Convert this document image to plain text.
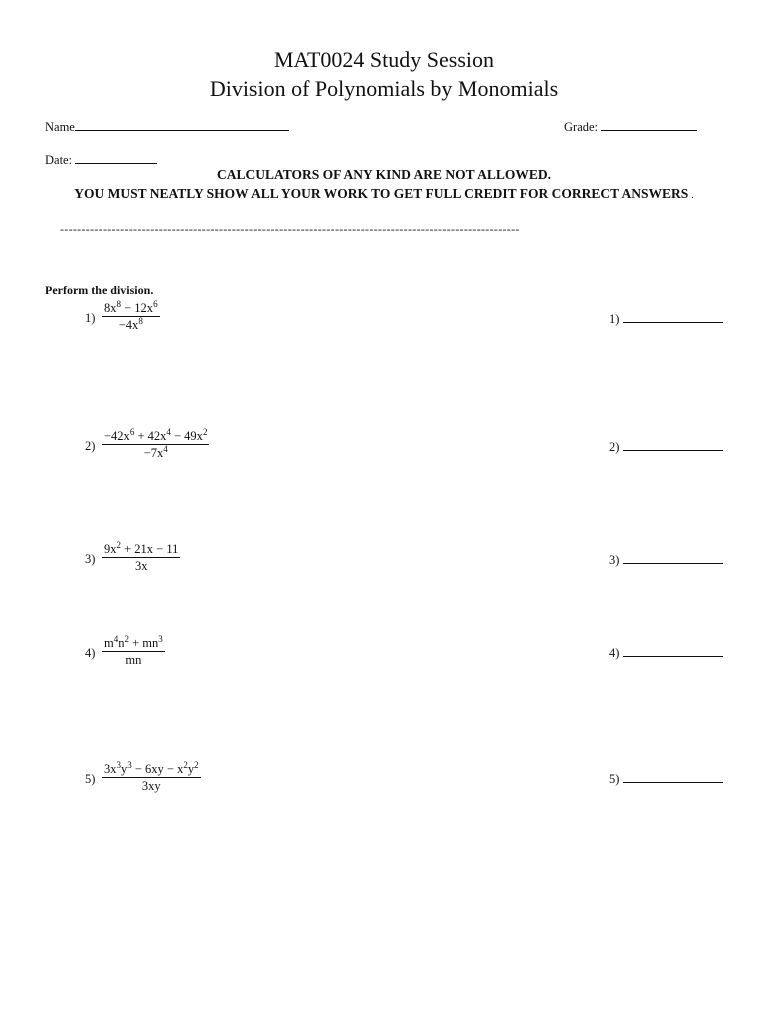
MAT0024 Study Session
Division of Polynomials by Monomials
Name	Grade:
Date:
CALCULATORS OF ANY KIND ARE NOT ALLOWED.
YOU MUST NEATLY SHOW ALL YOUR WORK TO GET FULL CREDIT FOR CORRECT ANSWERS .
-----------------------------------------------------------------------------------------------------------
Perform the division.
$1) \frac{8x^8 - 12x^6}{-4x^8}$	1)
$2) \frac{-42x^6 + 42x^4 - 49x^2}{-7x^4}$	2)
$3) \frac{9x^2 + 21x - 11}{3x}$	3)
$4) \frac{m^4n^2 + mn^3}{mn}$	4)
$5) \frac{3x^3y^3 - 6xy - x^2y^2}{3xy}$	5)
